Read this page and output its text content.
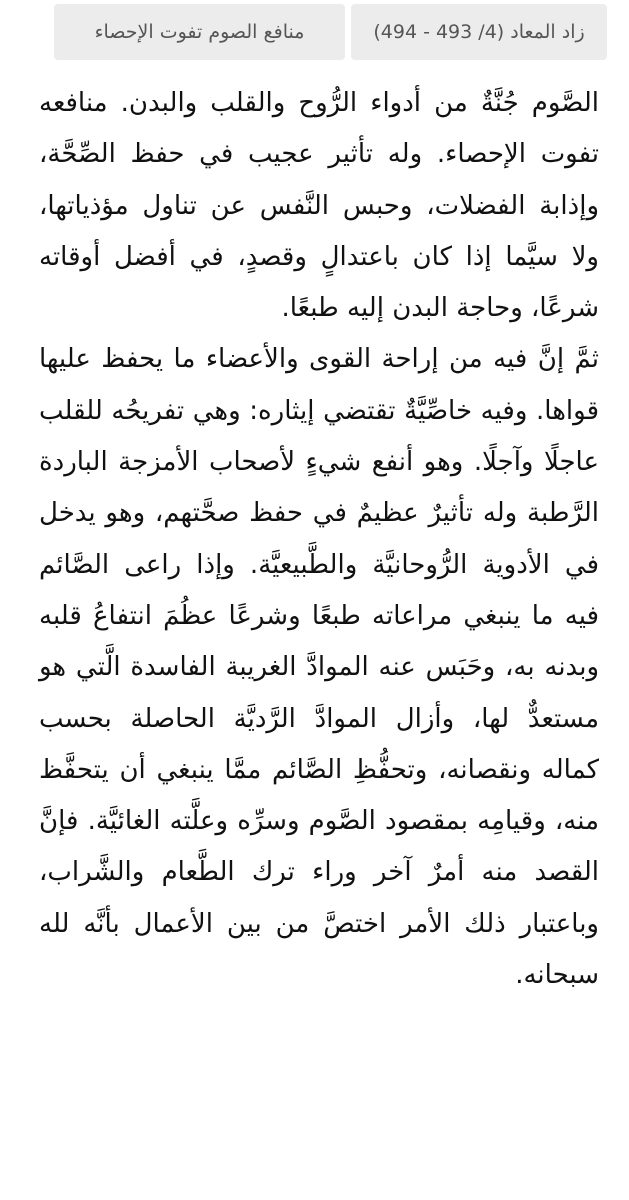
منافع الصوم تفوت الإحصاء	زاد المعاد (4/ 493 - 494)

الصَّوم جُنَّةٌ من أدواء الرُّوح والقلب والبدن. منافعه تفوت الإحصاء. وله تأثير عجيب في حفظ الصِّحَّة، وإذابة الفضلات، وحبس النَّفس عن تناول مؤذياتها، ولا سيَّما إذا كان باعتدالٍ وقصدٍ، في أفضل أوقاته شرعًا، وحاجة البدن إليه طبعًا.

ثمَّ إنَّ فيه من إراحة القوى والأعضاء ما يحفظ عليها قواها. وفيه خاصِّيَّةٌ تقتضي إيثاره: وهي تفريحُه للقلب عاجلًا وآجلًا. وهو أنفع شيءٍ لأصحاب الأمزجة الباردة الرَّطبة وله تأثيرٌ عظيمٌ في حفظ صحَّتهم، وهو يدخل في الأدوية الرُّوحانيَّة والطَّبيعيَّة. وإذا راعى الصَّائم فيه ما ينبغي مراعاته طبعًا وشرعًا عظُمَ انتفاعُ قلبه وبدنه به، وحَبَس عنه الموادَّ الغريبة الفاسدة الَّتي هو مستعدٌّ لها، وأزال الموادَّ الرَّديَّة الحاصلة بحسب كماله ونقصانه، وتحفُّظِ الصَّائم ممَّا ينبغي أن يتحفَّظ منه، وقيامِه بمقصود الصَّوم وسرِّه وعلَّته الغائيَّة. فإنَّ القصد منه أمرٌ آخر وراء ترك الطَّعام والشَّراب، وباعتبار ذلك الأمر اختصَّ من بين الأعمال بأنَّه لله سبحانه.
